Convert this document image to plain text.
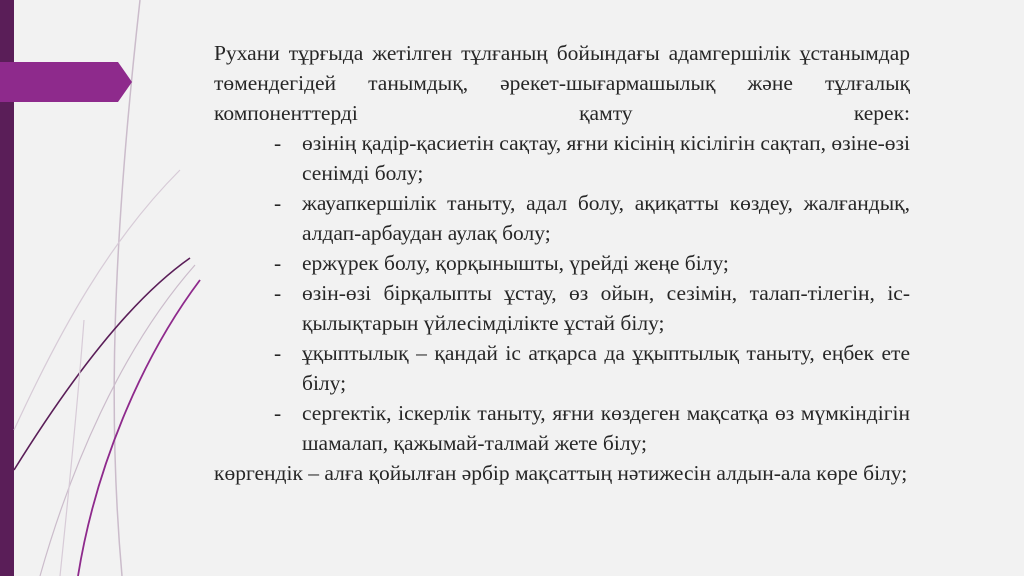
Рухани тұрғыда жетілген тұлғаның бойындағы адамгершілік ұстанымдар төмендегідей танымдық, әрекет-шығармашылық және тұлғалық компоненттерді қамту керек:
- өзінің қадір-қасиетін сақтау, яғни кісінің кісілігін сақтап, өзіне-өзі сенімді болу;
- жауапкершілік таныту, адал болу, ақиқатты көздеу, жалғандық, алдап-арбаудан аулақ болу;
- ержүрек болу, қорқынышты, үрейді жеңе білу;
- өзін-өзі бірқалыпты ұстау, өз ойын, сезімін, талап-тілегін, іс-қылықтарын үйлесімділікте ұстай білу;
- ұқыптылық – қандай іс атқарса да ұқыптылық таныту, еңбек ете білу;
- сергектік, іскерлік таныту, яғни көздеген мақсатқа өз мүмкіндігін шамалап, қажымай-талмай жете білу;
көргендік – алға қойылған әрбір мақсаттың нәтижесін алдын-ала көре білу;
